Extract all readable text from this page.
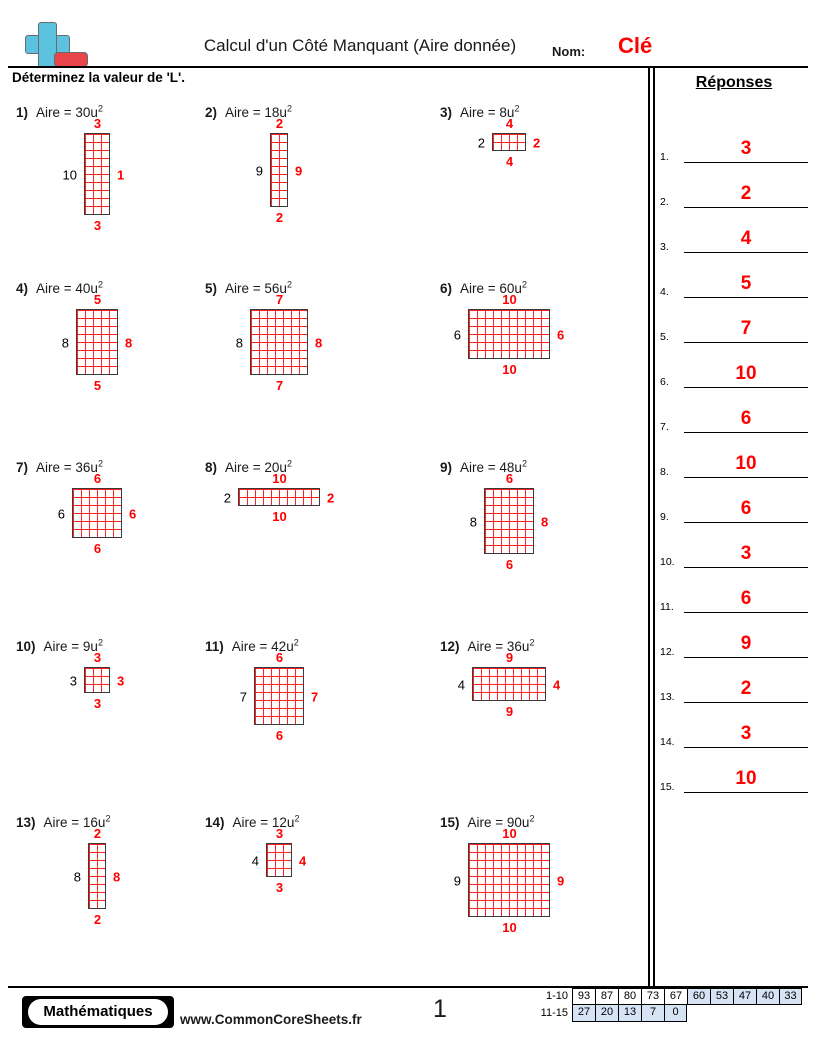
Calcul d'un Côté Manquant (Aire donnée)	Nom: Clé
Déterminez la valeur de 'L'.	Réponses
1.	3
2.	2
3.	4
4.	5
5.	7
6.	10
7.	6
8.	10
9.	6
10.	3
11.	6
12.	9
13.	2
14.	3
15.	10
1) Aire = $30u^2$
3
10	1
3
2) Aire = $18u^2$
2
9 9
2
3) Aire = $8u^2$
4
2	2
4
4) Aire = $40u^2$
5
8	8
5
5) Aire = $56u^2$
7
8	8
7
6) Aire = $60u^2$
10
6	6
10
7) Aire = $36u^2$
6
6	6
6
8) Aire = $20u^2$
10
2	2
10
9) Aire = $48u^2$
6
8	8
6
10) Aire = $9u^2$
3
3	3
3
11) Aire = $42u^2$
6
7	7
6
12) Aire = $36u^2$
9
4	4
9
13) Aire = $16u^2$
2
8 8
2
14) Aire = $12u^2$
3
4	4
3
15) Aire = $90u^2$
10
9	9
10
Mathématiques	www.CommonCoreSheets.fr	1	1-10 93 87 80 73 67 60 53 47 40 33
11-15 27 20 13	7	0
